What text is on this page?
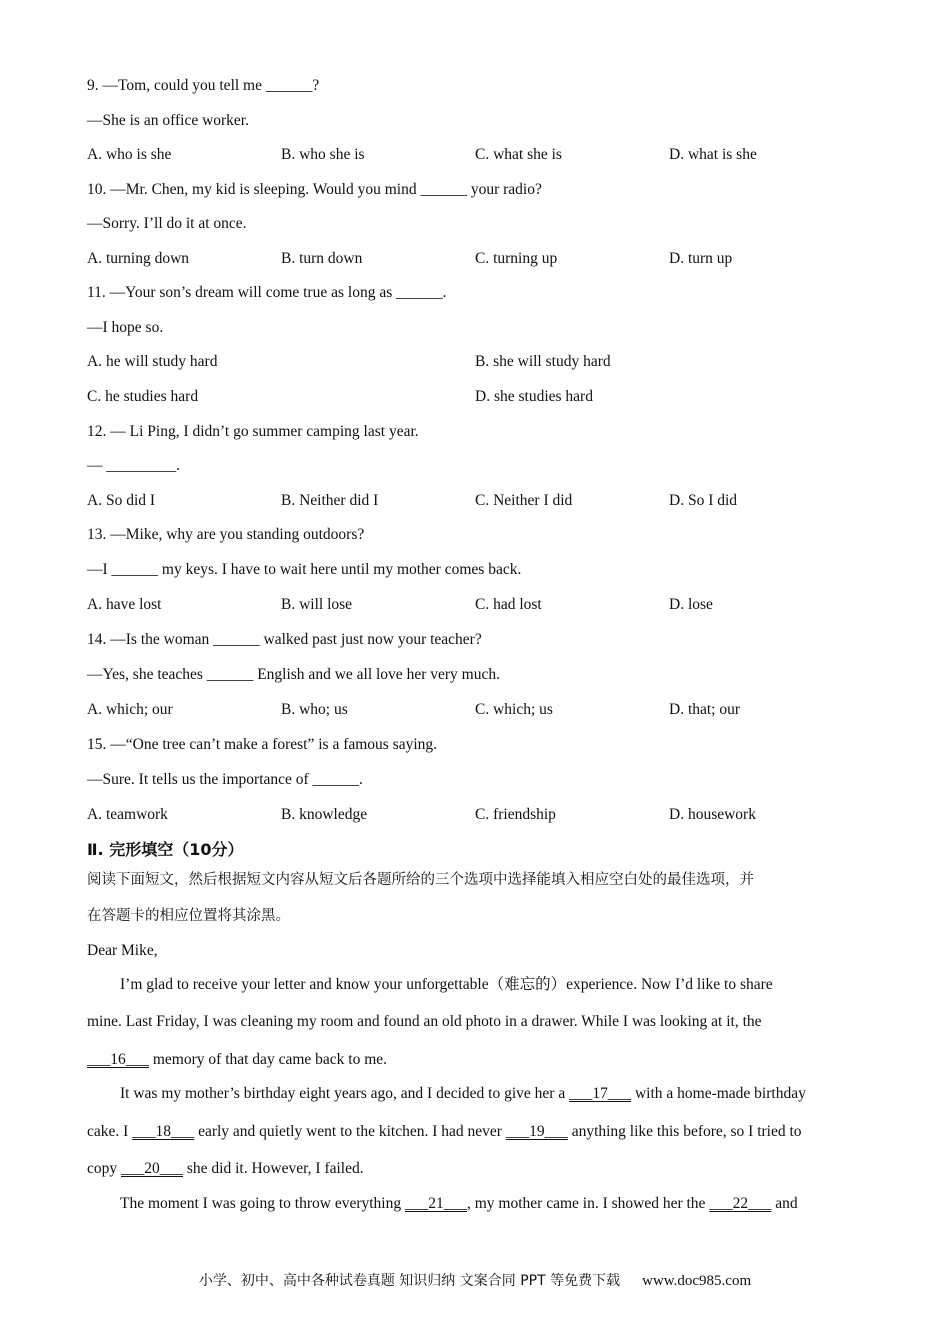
9. —Tom, could you tell me ______?
—She is an office worker.
A. who is she	B. who she is	C. what she is	D. what is she
10. —Mr. Chen, my kid is sleeping. Would you mind ______ your radio?
—Sorry. I’ll do it at once.
A. turning down	B. turn down	C. turning up	D. turn up
11. —Your son’s dream will come true as long as ______.
—I hope so.
A. he will study hard	B. she will study hard
C. he studies hard	D. she studies hard
12. — Li Ping, I didn’t go summer camping last year.
— _________.
A. So did I	B. Neither did I	C. Neither I did	D. So I did
13. —Mike, why are you standing outdoors?
—I ______ my keys. I have to wait here until my mother comes back.
A. have lost	B. will lose	C. had lost	D. lose
14. —Is the woman ______ walked past just now your teacher?
—Yes, she teaches ______ English and we all love her very much.
A. which; our	B. who; us	C. which; us	D. that; our
15. —“One tree can’t make a forest” is a famous saying.
—Sure. It tells us the importance of ______.
A. teamwork	B. knowledge	C. friendship	D. housework
Ⅱ. 完形填空（10分）
阅读下面短文，然后根据短文内容从短文后各题所给的三个选项中选择能填入相应空白处的最佳选项，并
在答题卡的相应位置将其涂黑。
Dear Mike,
I’m glad to receive your letter and know your unforgettable（难忘的）experience. Now I’d like to share
mine. Last Friday, I was cleaning my room and found an old photo in a drawer. While I was looking at it, the
___16___ memory of that day came back to me.
It was my mother’s birthday eight years ago, and I decided to give her a ___17___ with a home-made birthday
cake. I ___18___ early and quietly went to the kitchen. I had never ___19___ anything like this before, so I tried to
copy ___20___ she did it. However, I failed.
The moment I was going to throw everything ___21___, my mother came in. I showed her the ___22___ and
小学、初中、高中各种试卷真题 知识归纳 文案合同 PPT 等免费下载 www.doc985.com
